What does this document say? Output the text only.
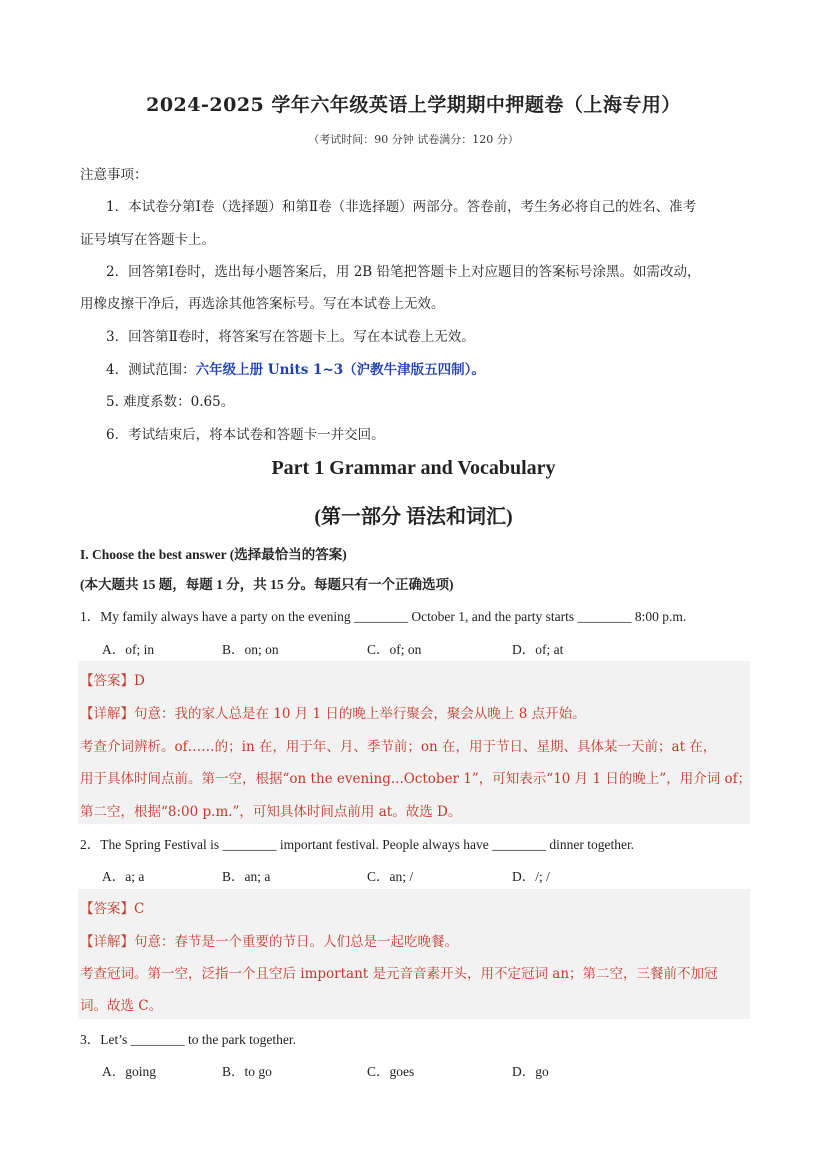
2024-2025 学年六年级英语上学期期中押题卷（上海专用）
（考试时间：90 分钟 试卷满分：120 分）
注意事项：
1．本试卷分第Ⅰ卷（选择题）和第Ⅱ卷（非选择题）两部分。答卷前，考生务必将自己的姓名、准考
证号填写在答题卡上。
2．回答第Ⅰ卷时，选出每小题答案后，用 2B 铅笔把答题卡上对应题目的答案标号涂黑。如需改动，
用橡皮擦干净后，再选涂其他答案标号。写在本试卷上无效。
3．回答第Ⅱ卷时，将答案写在答题卡上。写在本试卷上无效。
4．测试范围：六年级上册 Units 1~3（沪教牛津版五四制）。
5. 难度系数：0.65。
6．考试结束后，将本试卷和答题卡一并交回。
Part 1 Grammar and Vocabulary
(第一部分 语法和词汇)
I. Choose the best answer (选择最恰当的答案)
(本大题共 15 题，每题 1 分，共 15 分。每题只有一个正确选项)
1．My family always have a party on the evening ________ October 1, and the party starts ________ 8:00 p.m.
A．of; in	B．on; on	C．of; on	D．of; at
【答案】D
【详解】句意：我的家人总是在 10 月 1 日的晚上举行聚会，聚会从晚上 8 点开始。
考查介词辨析。of……的；in 在，用于年、月、季节前；on 在，用于节日、星期、具体某一天前；at 在，
用于具体时间点前。第一空，根据“on the evening...October 1”，可知表示“10 月 1 日的晚上”，用介词 of；
第二空，根据“8:00 p.m.”，可知具体时间点前用 at。故选 D。
2．The Spring Festival is ________ important festival. People always have ________ dinner together.
A．a; a	B．an; a	C．an; /	D．/; /
【答案】C
【详解】句意：春节是一个重要的节日。人们总是一起吃晚餐。
考查冠词。第一空，泛指一个且空后 important 是元音音素开头，用不定冠词 an；第二空，三餐前不加冠
词。故选 C。
3．Let’s ________ to the park together.
A．going	B．to go	C．goes	D．go
